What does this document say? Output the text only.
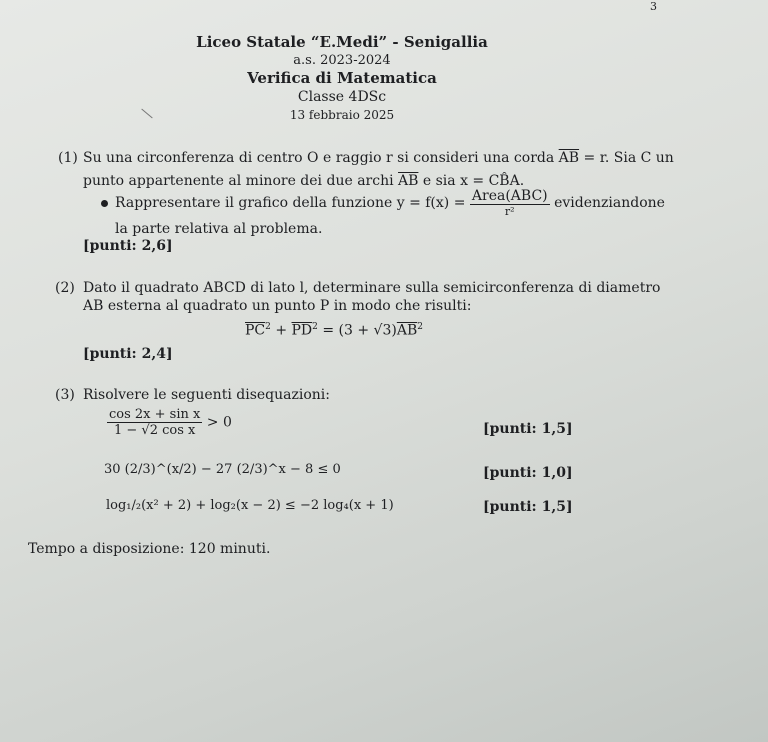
3
Liceo Statale “E.Medi” - Senigallia
a.s. 2023-2024
Verifica di Matematica
Classe 4DSc
13 febbraio 2025
(1) Su una circonferenza di centro O e raggio r si consideri una corda $\overline{AB} = r$. Sia C un
punto appartenente al minore dei due archi $\overline{AB}$ e sia x = CB̂A.
Rappresentare il grafico della funzione $y = f(x) = \frac{\text{Area(ABC)}}{\text{r²}}$ evidenziandone
la parte relativa al problema.
[punti: 2,6]
(2) Dato il quadrato ABCD di lato l, determinare sulla semicirconferenza di diametro
AB esterna al quadrato un punto P in modo che risulti:
$\overline{PC}^2 + \overline{PD}^2 = (3 + √3)\overline{AB}^2$
[punti: 2,4]
(3) Risolvere le seguenti disequazioni:
$\frac{\text{cos 2x + sin x}}{\text{1 − √2 cos x}} > 0$	[punti: 1,5]
30 (2/3)^(x/2) − 27 (2/3)^x − 8 ≤ 0	[punti: 1,0]
log₁/₂(x² + 2) + log₂(x − 2) ≤ −2 log₄(x + 1)	[punti: 1,5]
Tempo a disposizione: 120 minuti.
